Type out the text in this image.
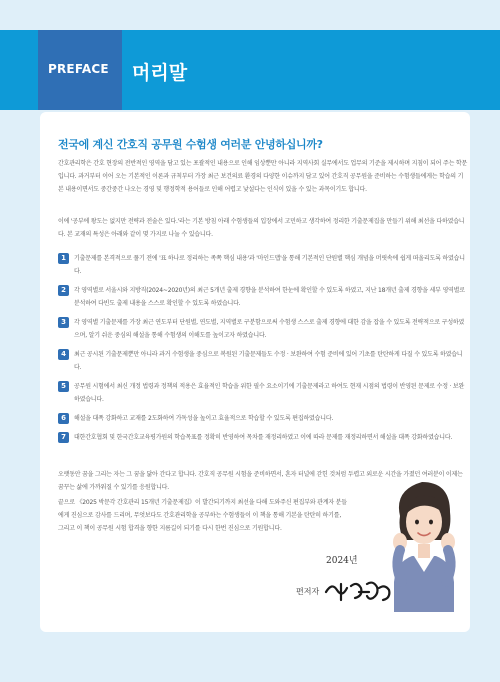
PREFACE 머리말
전국에 계신 간호직 공무원 수험생 여러분 안녕하십니까?

간호관리학은 간호 현장의 전반적인 영역을 담고 있는 포괄적인 내용으로 인해 임상뿐만 아니라 지역사회 실무에서도 업무의 기준을 제시하며 지침이 되어 주는 학문입니다. 과거부터 이어 오는 기본적인 이론과 규칙부터 가장 최근 보건의료 환경의 다양한 이슈까지 담고 있어 간호직 공무원을 준비하는 수험생들에게는 학습의 기본 내용이면서도 중간중간 나오는 경영 및 행정학적 용어들로 인해 어렵고 낯설다는 인식이 있을 수 있는 과목이기도 합니다.

이에 '공부에 왕도는 없지만 전략과 전술은 있다.'라는 기본 방침 아래 수험생들의 입장에서 고민하고 생각하여 정리한 기출문제집을 만들기 위해 최선을 다하였습니다. 본 교재의 특성은 아래와 같이 몇 가지로 나눌 수 있습니다.

1	기출문제를 본격적으로 풀기 전에 '표 하나로 정리하는 족쪽 핵심 내용'과 '마인드맵'을 통해 기본적인 단원별 핵심 개념을 머릿속에 쉽게 떠올리도록 하였습니다.
2	각 영역별로 서울시와 지방직(2024~2020년)의 최근 5개년 출제 경향을 분석하여 한눈에 확인할 수 있도록 하였고, 지난 18개년 출제 경향을 세부 영역별로 분석하여 다빈도 출제 내용을 스스로 확인할 수 있도록 하였습니다.
3	각 영역별 기출문제를 가장 최근 연도부터 단원별, 연도별, 지역별로 구분함으로써 수험생 스스로 출제 경향에 대한 감을 잡을 수 있도록 전략적으로 구성하였으며, 알기 쉬운 중심의 해설을 통해 수험생의 이해도를 높이고자 하였습니다.
4	최근 공시된 기출문제뿐만 아니라 과거 수험생을 중심으로 복원된 기출문제들도 수정 · 보완하여 수험 준비에 있어 기초를 탄탄하게 다질 수 있도록 하였습니다.
5	공무원 시험에서 최신 개정 법령과 정책의 적용은 효율적인 학습을 위한 필수 요소이기에 기출문제라고 하여도 현재 시점의 법령이 반영된 문제로 수정 · 보완하였습니다.
6	해설을 대폭 강화하고 교재를 2도화하여 가독성을 높이고 효율적으로 학습할 수 있도록 편집하였습니다.
7	대한간호협회 및 한국간호교육평가원의 학습목표를 정확히 반영하여 목차를 재정리하였고 이에 따라 문제를 재정리하면서 해설을 대폭 강화하였습니다.

오랫동안 꿈을 그리는 자는 그 꿈을 닮아 간다고 합니다. 간호직 공무원 시험을 준비하면서, 혼자 터널에 갇힌 것처럼 두렵고 외로운 시간을 가졌던 여러분이 이제는 꿈꾸는 삶에 가까워질 수 있기를 응원합니다.

끝으로 《2025 박문각 간호관리 15개년 기출문제집》이 발간되기까지 최선을 다해 도와주신 편집부와 관계자 분들에게 진심으로 감사를 드리며, 무엇보다도 간호관리학을 공부하는 수험생들이 이 책을 통해 기본을 탄탄히 하기를, 그리고 이 책이 공무원 시험 합격을 향한 지름길이 되기를 다시 한번 진심으로 기원합니다.

2024년
편저자
